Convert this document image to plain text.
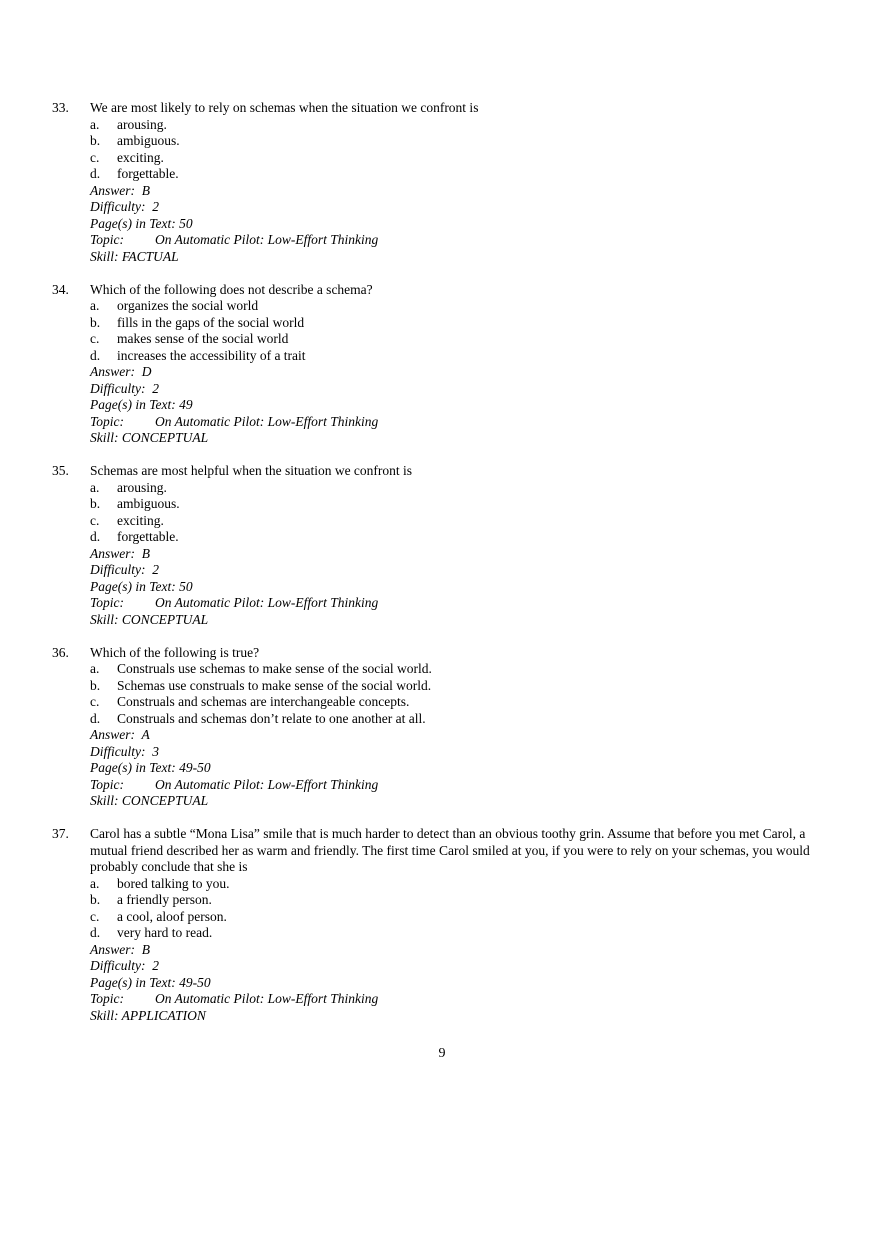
33.	We are most likely to rely on schemas when the situation we confront is
a.	arousing.
b.	ambiguous.
c.	exciting.
d.	forgettable.
Answer:  B
Difficulty:  2
Page(s) in Text: 50
Topic: On Automatic Pilot: Low-Effort Thinking
Skill: FACTUAL
34.	Which of the following does not describe a schema?
a.	organizes the social world
b.	fills in the gaps of the social world
c.	makes sense of the social world
d.	increases the accessibility of a trait
Answer:  D
Difficulty:  2
Page(s) in Text: 49
Topic: On Automatic Pilot: Low-Effort Thinking
Skill: CONCEPTUAL
35.	Schemas are most helpful when the situation we confront is
a.	arousing.
b.	ambiguous.
c.	exciting.
d.	forgettable.
Answer:  B
Difficulty:  2
Page(s) in Text: 50
Topic: On Automatic Pilot: Low-Effort Thinking
Skill: CONCEPTUAL
36.	Which of the following is true?
a.	Construals use schemas to make sense of the social world.
b.	Schemas use construals to make sense of the social world.
c.	Construals and schemas are interchangeable concepts.
d.	Construals and schemas don’t relate to one another at all.
Answer:  A
Difficulty:  3
Page(s) in Text: 49-50
Topic: On Automatic Pilot: Low-Effort Thinking
Skill: CONCEPTUAL
37.	Carol has a subtle “Mona Lisa” smile that is much harder to detect than an obvious toothy grin. Assume that before you met Carol, a mutual friend described her as warm and friendly. The first time Carol smiled at you, if you were to rely on your schemas, you would probably conclude that she is
a.	bored talking to you.
b.	a friendly person.
c.	a cool, aloof person.
d.	very hard to read.
Answer:  B
Difficulty:  2
Page(s) in Text: 49-50
Topic: On Automatic Pilot: Low-Effort Thinking
Skill: APPLICATION
9
